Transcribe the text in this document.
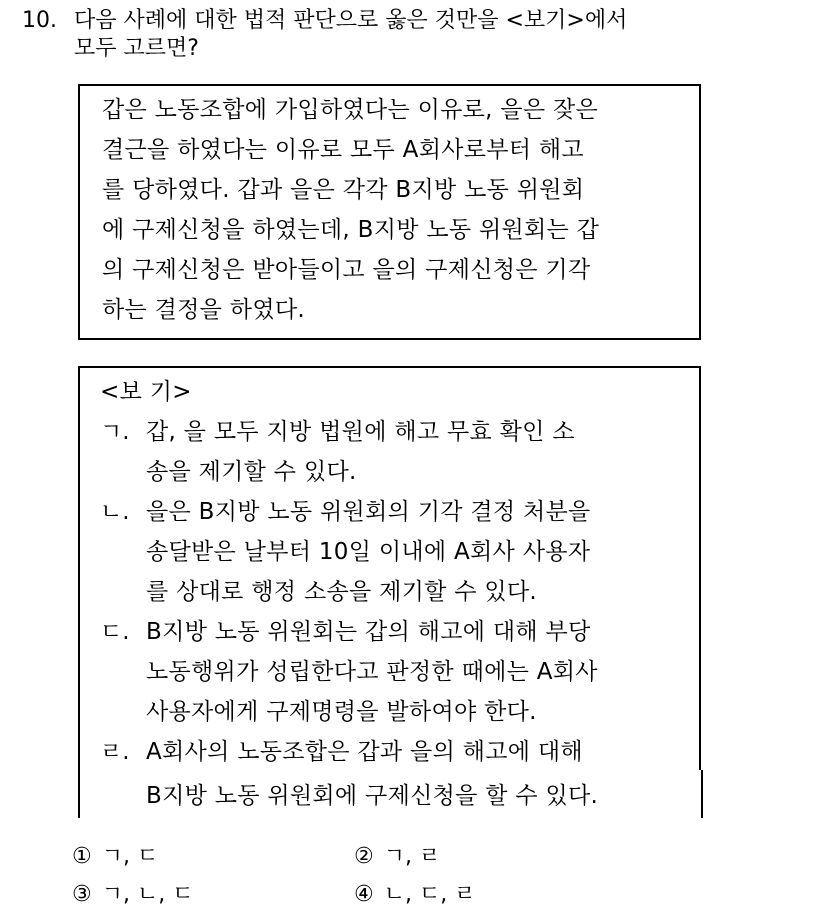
10. 다음 사례에 대한 법적 판단으로 옳은 것만을 <보기>에서
모두 고르면?
갑은 노동조합에 가입하였다는 이유로, 을은 잦은
결근을 하였다는 이유로 모두 A회사로부터 해고
를 당하였다. 갑과 을은 각각 B지방 노동 위원회
에 구제신청을 하였는데, B지방 노동 위원회는 갑
의 구제신청은 받아들이고 을의 구제신청은 기각
하는 결정을 하였다.
<보 기>
ㄱ. 갑, 을 모두 지방 법원에 해고 무효 확인 소
송을 제기할 수 있다.
ㄴ. 을은 B지방 노동 위원회의 기각 결정 처분을
송달받은 날부터 10일 이내에 A회사 사용자
를 상대로 행정 소송을 제기할 수 있다.
ㄷ. B지방 노동 위원회는 갑의 해고에 대해 부당
노동행위가 성립한다고 판정한 때에는 A회사
사용자에게 구제명령을 발하여야 한다.
ㄹ. A회사의 노동조합은 갑과 을의 해고에 대해
B지방 노동 위원회에 구제신청을 할 수 있다.
① ㄱ, ㄷ	② ㄱ, ㄹ
③ ㄱ, ㄴ, ㄷ	④ ㄴ, ㄷ, ㄹ
